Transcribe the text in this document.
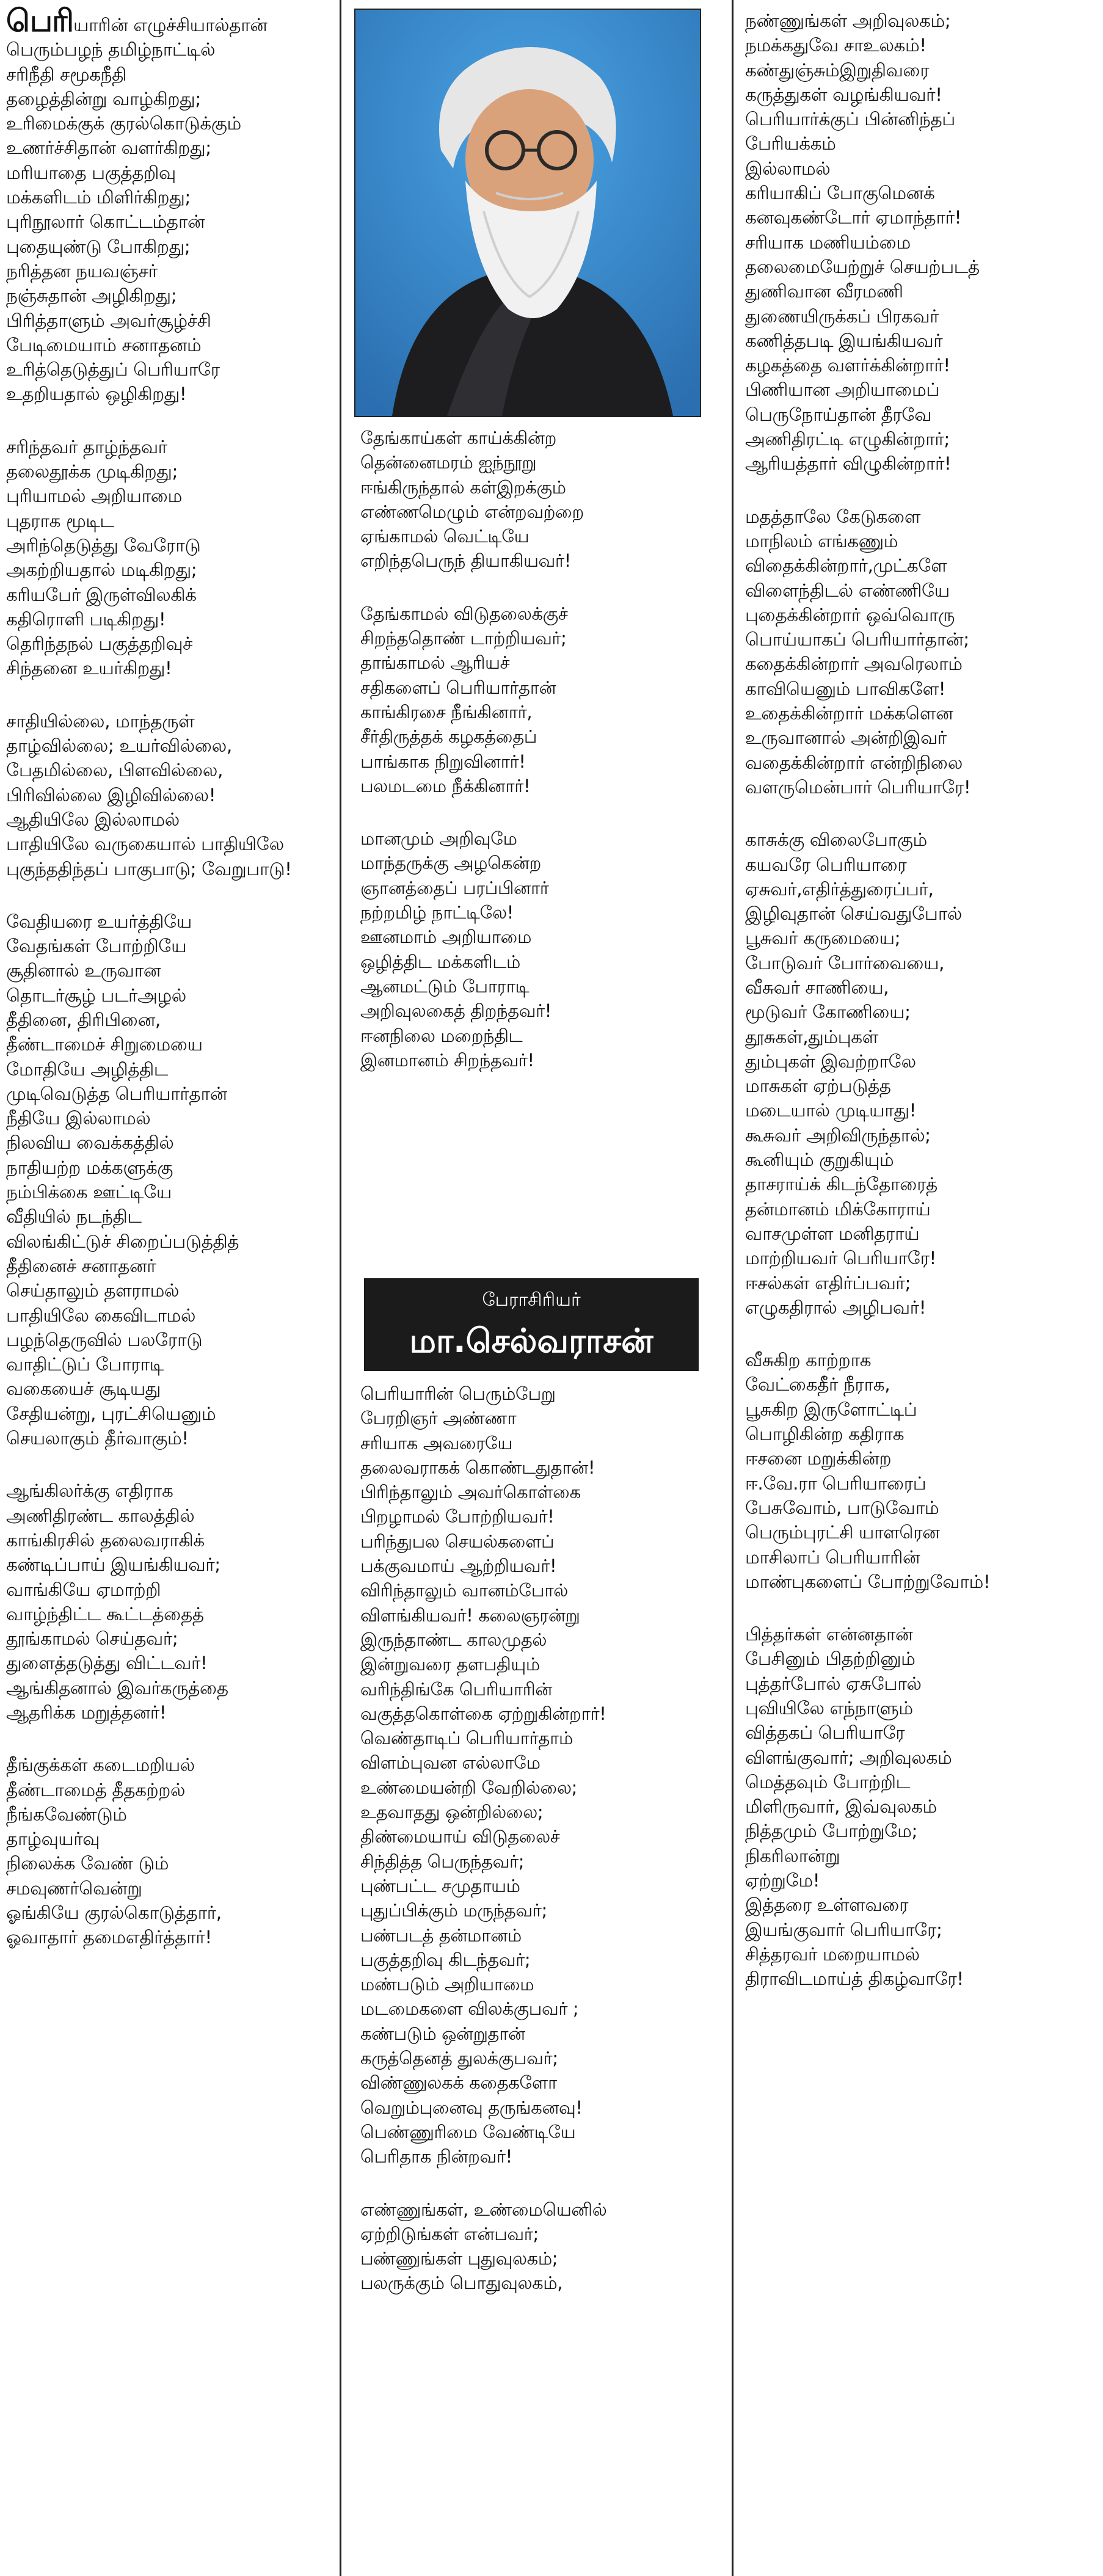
பெரியாரின் எழுச்சியால்தான்
பெரும்பழந் தமிழ்நாட்டில்
சரிநீதி சமூகநீதி
தழைத்தின்று வாழ்கிறது;
உரிமைக்குக் குரல்கொடுக்கும்
உணர்ச்சிதான் வளர்கிறது;
மரியாதை பகுத்தறிவு
மக்களிடம் மிளிர்கிறது;
புரிநூலார் கொட்டம்தான்
புதையுண்டு போகிறது;
நரித்தன நயவஞ்சர்
நஞ்சுதான் அழிகிறது;
பிரித்தாளும் அவர்சூழ்ச்சி
பேடிமையாம் சனாதனம்
உரித்தெடுத்துப் பெரியாரே
உதறியதால் ஒழிகிறது!
சரிந்தவர் தாழ்ந்தவர்
தலைதூக்க முடிகிறது;
புரியாமல் அறியாமை
புதராக மூடிட
அரிந்தெடுத்து வேரோடு
அகற்றியதால் மடிகிறது;
கரியபேர் இருள்விலகிக்
கதிரொளி படிகிறது!
தெரிந்தநல் பகுத்தறிவுச்
சிந்தனை உயர்கிறது!
சாதியில்லை, மாந்தருள்
தாழ்வில்லை; உயர்வில்லை,
பேதமில்லை, பிளவில்லை,
பிரிவில்லை இழிவில்லை!
ஆதியிலே இல்லாமல்
பாதியிலே வருகையால் பாதியிலே
புகுந்ததிந்தப் பாகுபாடு; வேறுபாடு!
வேதியரை உயர்த்தியே
வேதங்கள் போற்றியே
சூதினால் உருவான
தொடர்சூழ் படர்அழல்
தீதினை, திரிபினை,
தீண்டாமைச் சிறுமையை
மோதியே அழித்திட
முடிவெடுத்த பெரியார்தான்
நீதியே இல்லாமல்
நிலவிய வைக்கத்தில்
நாதியற்ற மக்களுக்கு
நம்பிக்கை ஊட்டியே
வீதியில் நடந்திட
விலங்கிட்டுச் சிறைப்படுத்தித்
தீதினைச் சனாதனர்
செய்தாலும் தளராமல்
பாதியிலே கைவிடாமல்
பழந்தெருவில் பலரோடு
வாதிட்டுப் போராடி
வகையைச் சூடியது
சேதியன்று, புரட்சியெனும்
செயலாகும் தீர்வாகும்!
ஆங்கிலர்க்கு எதிராக
அணிதிரண்ட காலத்தில்
காங்கிரசில் தலைவராகிக்
கண்டிப்பாய் இயங்கியவர்;
வாங்கியே ஏமாற்றி
வாழ்ந்திட்ட கூட்டத்தைத்
தூங்காமல் செய்தவர்;
துளைத்தடுத்து விட்டவர்!
ஆங்கிதனால் இவர்கருத்தை
ஆதரிக்க மறுத்தனர்!
தீங்குக்கள் கடைமறியல்
தீண்டாமைத் தீதகற்றல்
நீங்கவேண்டும்
தாழ்வுயர்வு
நிலைக்க வேண் டும்
சமவுணர்வென்று
ஓங்கியே குரல்கொடுத்தார்,
ஓவாதார் தமைஎதிர்த்தார்!
தேங்காய்கள் காய்க்கின்ற
தென்னைமரம் ஐந்நூறு
ஈங்கிருந்தால் கள்இறக்கும்
எண்ணமெழும் என்றவற்றை
ஏங்காமல் வெட்டியே
எறிந்தபெருந் தியாகியவர்!
தேங்காமல் விடுதலைக்குச்
சிறந்ததொண் டாற்றியவர்;
தாங்காமல் ஆரியச்
சதிகளைப் பெரியார்தான்
காங்கிரசை நீங்கினார்,
சீர்திருத்தக் கழகத்தைப்
பாங்காக நிறுவினார்!
பலமடமை நீக்கினார்!
மானமும் அறிவுமே
மாந்தருக்கு அழகென்ற
ஞானத்தைப் பரப்பினார்
நற்றமிழ் நாட்டிலே!
ஊனமாம் அறியாமை
ஒழித்திட மக்களிடம்
ஆனமட்டும் போராடி
அறிவுலகைத் திறந்தவர்!
ஈனநிலை மறைந்திட
இனமானம் சிறந்தவர்!
பேராசிரியர்
மா.செல்வராசன்
பெரியாரின் பெரும்பேறு
பேரறிஞர் அண்ணா
சரியாக அவரையே
தலைவராகக் கொண்டதுதான்!
பிரிந்தாலும் அவர்கொள்கை
பிறழாமல் போற்றியவர்!
பரிந்துபல செயல்களைப்
பக்குவமாய் ஆற்றியவர்!
விரிந்தாலும் வானம்போல்
விளங்கியவர்! கலைஞரன்று
இருந்தாண்ட காலமுதல்
இன்றுவரை தளபதியும்
வரிந்திங்கே பெரியாரின்
வகுத்தகொள்கை ஏற்றுகின்றார்!
வெண்தாடிப் பெரியார்தாம்
விளம்புவன எல்லாமே
உண்மையன்றி வேறில்லை;
உதவாதது ஒன்றில்லை;
திண்மையாய் விடுதலைச்
சிந்தித்த பெருந்தவர்;
புண்பட்ட சமுதாயம்
புதுப்பிக்கும் மருந்தவர்;
பண்படத் தன்மானம்
பகுத்தறிவு கிடந்தவர்;
மண்படும் அறியாமை
மடமைகளை விலக்குபவர் ;
கண்படும் ஒன்றுதான்
கருத்தெனத் துலக்குபவர்;
விண்ணுலகக் கதைகளோ
வெறும்புனைவு தருங்கனவு!
பெண்ணுரிமை வேண்டியே
பெரிதாக நின்றவர்!
எண்ணுங்கள், உண்மையெனில்
ஏற்றிடுங்கள் என்பவர்;
பண்ணுங்கள் புதுவுலகம்;
பலருக்கும் பொதுவுலகம்,
நண்ணுங்கள் அறிவுலகம்;
நமக்கதுவே சாஉலகம்!
கண்துஞ்சும்இறுதிவரை
கருத்துகள் வழங்கியவர்!
பெரியார்க்குப் பின்னிந்தப்
பேரியக்கம்
இல்லாமல்
கரியாகிப் போகுமெனக்
கனவுகண்டோர் ஏமாந்தார்!
சரியாக மணியம்மை
தலைமையேற்றுச் செயற்படத்
துணிவான வீரமணி
துணையிருக்கப் பிரகவர்
கணித்தபடி இயங்கியவர்
கழகத்தை வளர்க்கின்றார்!
பிணியான அறியாமைப்
பெருநோய்தான் தீரவே
அணிதிரட்டி எழுகின்றார்;
ஆரியத்தார் விழுகின்றார்!
மதத்தாலே கேடுகளை
மாநிலம் எங்கணும்
விதைக்கின்றார்,முட்களே
விளைந்திடல் எண்ணியே
புதைக்கின்றார் ஒவ்வொரு
பொய்யாகப் பெரியார்தான்;
கதைக்கின்றார் அவரெலாம்
காவியெனும் பாவிகளே!
உதைக்கின்றார் மக்களென
உருவானால் அன்றிஇவர்
வதைக்கின்றார் என்றிநிலை
வளருமென்பார் பெரியாரே!
காசுக்கு விலைபோகும்
கயவரே பெரியாரை
ஏசுவர்,எதிர்த்துரைப்பர்,
இழிவுதான் செய்வதுபோல்
பூசுவர் கருமையை;
போடுவர் போர்வையை,
வீசுவர் சாணியை,
மூடுவர் கோணியை;
தூசுகள்,தும்புகள்
தும்புகள் இவற்றாலே
மாசுகள் ஏற்படுத்த
மடையால் முடியாது!
கூசுவர் அறிவிருந்தால்;
கூனியும் குறுகியும்
தாசராய்க் கிடந்தோரைத்
தன்மானம் மிக்கோராய்
வாசமுள்ள மனிதராய்
மாற்றியவர் பெரியாரே!
ஈசல்கள் எதிர்ப்பவர்;
எழுகதிரால் அழிபவர்!
வீசுகிற காற்றாக
வேட்கைதீர் நீராக,
பூசுகிற இருளோட்டிப்
பொழிகின்ற கதிராக
ஈசனை மறுக்கின்ற
ஈ.வே.ரா பெரியாரைப்
பேசுவோம், பாடுவோம்
பெரும்புரட்சி யாளரென
மாசிலாப் பெரியாரின்
மாண்புகளைப் போற்றுவோம்!
பித்தர்கள் என்னதான்
பேசினும் பிதற்றினும்
புத்தர்போல் ஏசுபோல்
புவியிலே எந்நாளும்
வித்தகப் பெரியாரே
விளங்குவார்; அறிவுலகம்
மெத்தவும் போற்றிட
மிளிருவார், இவ்வுலகம்
நித்தமும் போற்றுமே;
நிகரிலான்று
ஏற்றுமே!
இத்தரை உள்ளவரை
இயங்குவார் பெரியாரே;
சித்தரவர் மறையாமல்
திராவிடமாய்த் திகழ்வாரே!
